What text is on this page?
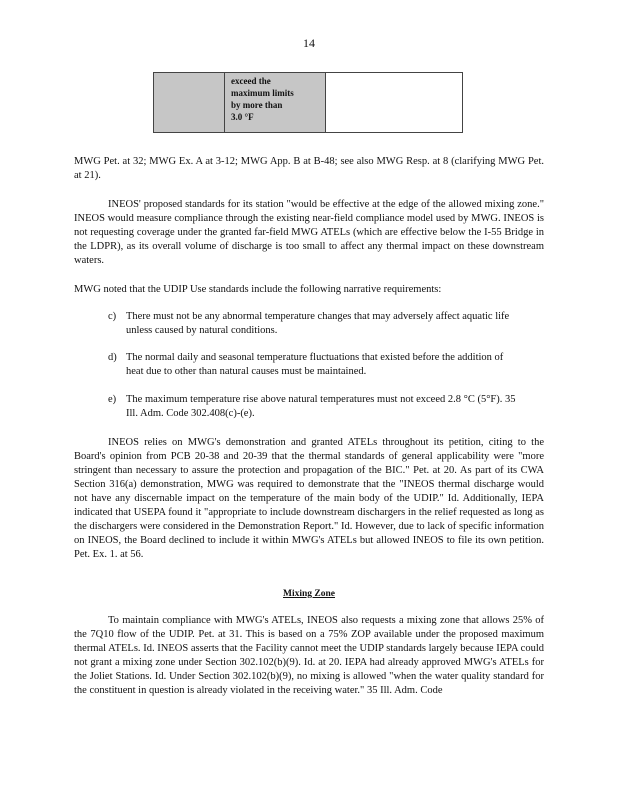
14
exceed the
maximum limits
by more than
3.0 °F
MWG Pet. at 32; MWG Ex. A at 3-12; MWG App. B at B-48; see also MWG Resp. at 8 (clarifying MWG Pet. at 21).
INEOS' proposed standards for its station "would be effective at the edge of the allowed mixing zone." INEOS would measure compliance through the existing near-field compliance model used by MWG. INEOS is not requesting coverage under the granted far-field MWG ATELs (which are effective below the I-55 Bridge in the LDPR), as its overall volume of discharge is too small to affect any thermal impact on these downstream waters.
MWG noted that the UDIP Use standards include the following narrative requirements:
c) There must not be any abnormal temperature changes that may adversely affect aquatic life unless caused by natural conditions.
d) The normal daily and seasonal temperature fluctuations that existed before the addition of heat due to other than natural causes must be maintained.
e) The maximum temperature rise above natural temperatures must not exceed 2.8 °C (5°F). 35 Ill. Adm. Code 302.408(c)-(e).
INEOS relies on MWG's demonstration and granted ATELs throughout its petition, citing to the Board's opinion from PCB 20-38 and 20-39 that the thermal standards of general applicability were "more stringent than necessary to assure the protection and propagation of the BIC." Pet. at 20. As part of its CWA Section 316(a) demonstration, MWG was required to demonstrate that the "INEOS thermal discharge would not have any discernable impact on the temperature of the main body of the UDIP." Id. Additionally, IEPA indicated that USEPA found it "appropriate to include downstream dischargers in the relief requested as long as the dischargers were considered in the Demonstration Report." Id. However, due to lack of specific information on INEOS, the Board declined to include it within MWG's ATELs but allowed INEOS to file its own petition. Pet. Ex. 1. at 56.
Mixing Zone
To maintain compliance with MWG's ATELs, INEOS also requests a mixing zone that allows 25% of the 7Q10 flow of the UDIP. Pet. at 31. This is based on a 75% ZOP available under the proposed maximum thermal ATELs. Id. INEOS asserts that the Facility cannot meet the UDIP standards largely because IEPA could not grant a mixing zone under Section 302.102(b)(9). Id. at 20. IEPA had already approved MWG's ATELs for the Joliet Stations. Id. Under Section 302.102(b)(9), no mixing is allowed "when the water quality standard for the constituent in question is already violated in the receiving water." 35 Ill. Adm. Code
